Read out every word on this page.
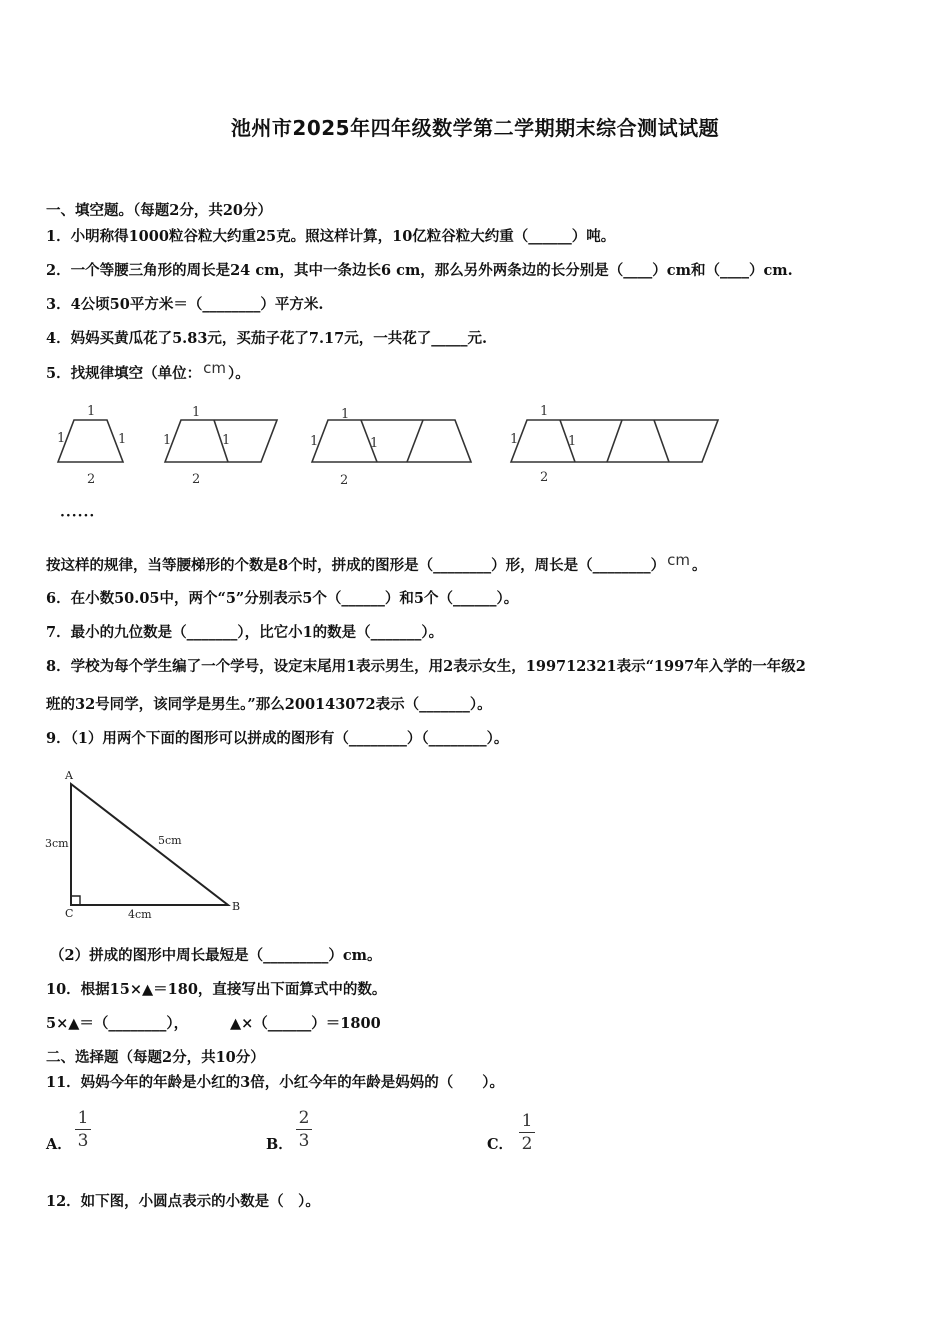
池州市2025年四年级数学第二学期期末综合测试试题
一、填空题。（每题2分，共20分）
1．小明称得1000粒谷粒大约重25克。照这样计算，10亿粒谷粒大约重（______）吨。
2．一个等腰三角形的周长是24 cm，其中一条边长6 cm，那么另外两条边的长分别是（____）cm和（____）cm.
3．4公顷50平方米＝（________）平方米.
4．妈妈买黄瓜花了5.83元，买茄子花了7.17元，一共花了_____元.
5．找规律填空（单位： cm ）。
1
1	1
2
1
1	1
2
1
1	1
2
1
1	1
2
······
按这样的规律，当等腰梯形的个数是8个时，拼成的图形是（________）形，周长是（________） cm 。
6．在小数50.05中，两个“5”分别表示5个（______）和5个（______）。
7．最小的九位数是（_______），比它小1的数是（_______）。
8．学校为每个学生编了一个学号，设定末尾用1表示男生，用2表示女生，199712321表示“1997年入学的一年级2
班的32号同学，该同学是男生。”那么200143072表示（_______）。
9．（1）用两个下面的图形可以拼成的图形有（________）（________）。
A
B
C
3cm	5cm
4cm
（2）拼成的图形中周长最短是（_________）cm。
10．根据15×▲＝180，直接写出下面算式中的数。
5×▲＝（________），	▲×（______）＝1800
二、选择题（每题2分，共10分）
11．妈妈今年的年龄是小红的3倍，小红今年的年龄是妈妈的（　　）。
A．
1
3	B．
2
3	C．
1
2
12．如下图，小圆点表示的小数是（　）。
